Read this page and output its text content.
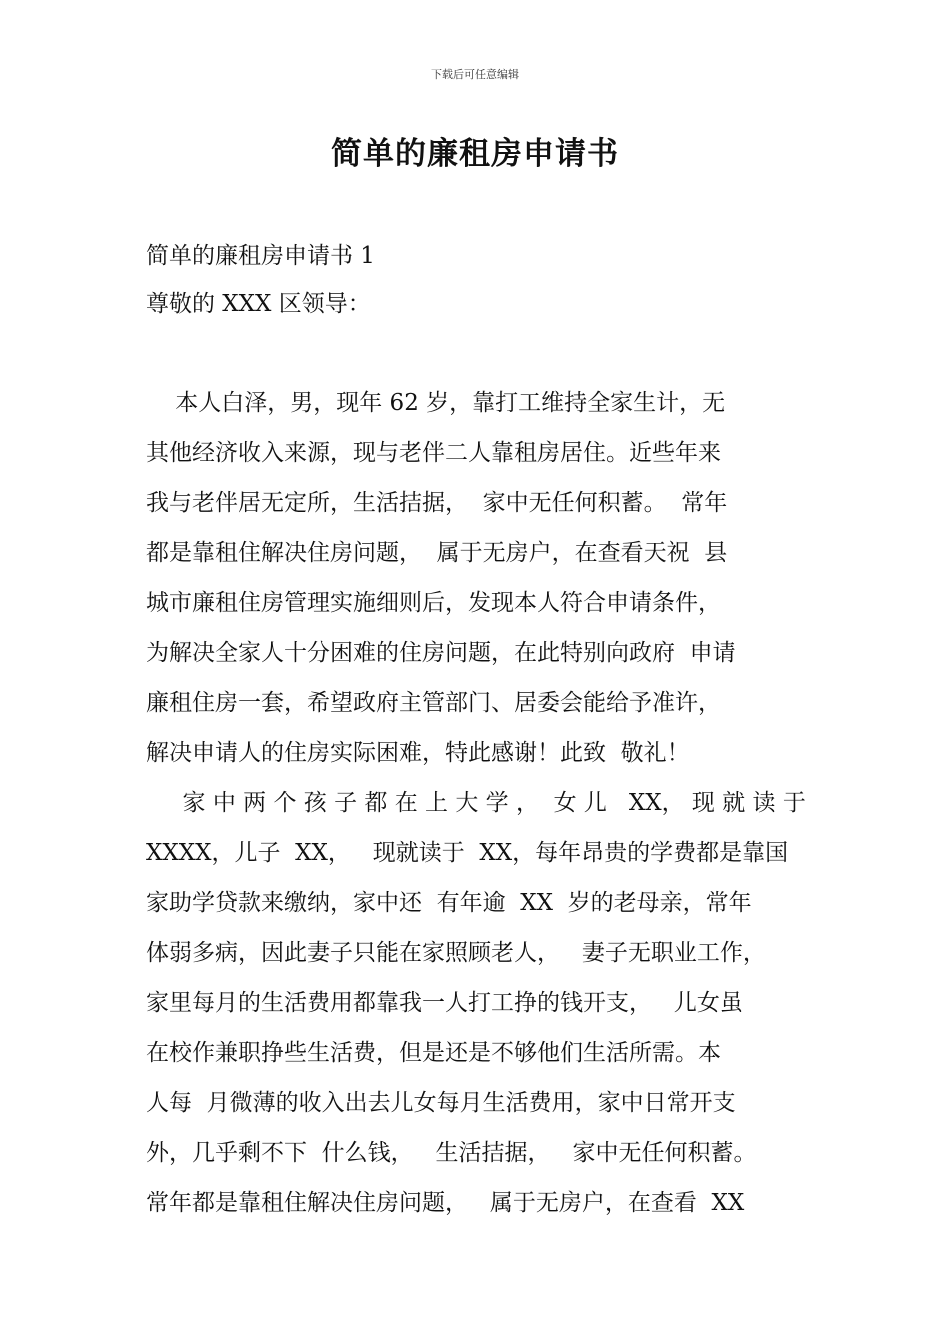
下载后可任意编辑
简单的廉租房申请书
简单的廉租房申请书 1
尊敬的 XXX 区领导：
本人白泽，男，现年 62 岁，靠打工维持全家生计，无
其他经济收入来源，现与老伴二人靠租房居住。近些年来
我与老伴居无定所，生活拮据，  家中无任何积蓄。  常年
都是靠租住解决住房问题，  属于无房户，在查看天祝  县
城市廉租住房管理实施细则后，发现本人符合申请条件，
为解决全家人十分困难的住房问题，在此特别向政府  申请
廉租住房一套，希望政府主管部门、居委会能给予准许，
解决申请人的住房实际困难，特此感谢！此致  敬礼！
家 中 两 个 孩 子 都 在 上 大 学 ，  女 儿   XX， 现 就 读 于
XXXX，儿子  XX，   现就读于  XX，每年昂贵的学费都是靠国
家助学贷款来缴纳，家中还  有年逾  XX  岁的老母亲，常年
体弱多病，因此妻子只能在家照顾老人，   妻子无职业工作，
家里每月的生活费用都靠我一人打工挣的钱开支，   儿女虽
在校作兼职挣些生活费，但是还是不够他们生活所需。本
人每  月微薄的收入出去儿女每月生活费用，家中日常开支
外，几乎剩不下  什么钱，   生活拮据，   家中无任何积蓄。
常年都是靠租住解决住房问题，   属于无房户，在查看  XX
